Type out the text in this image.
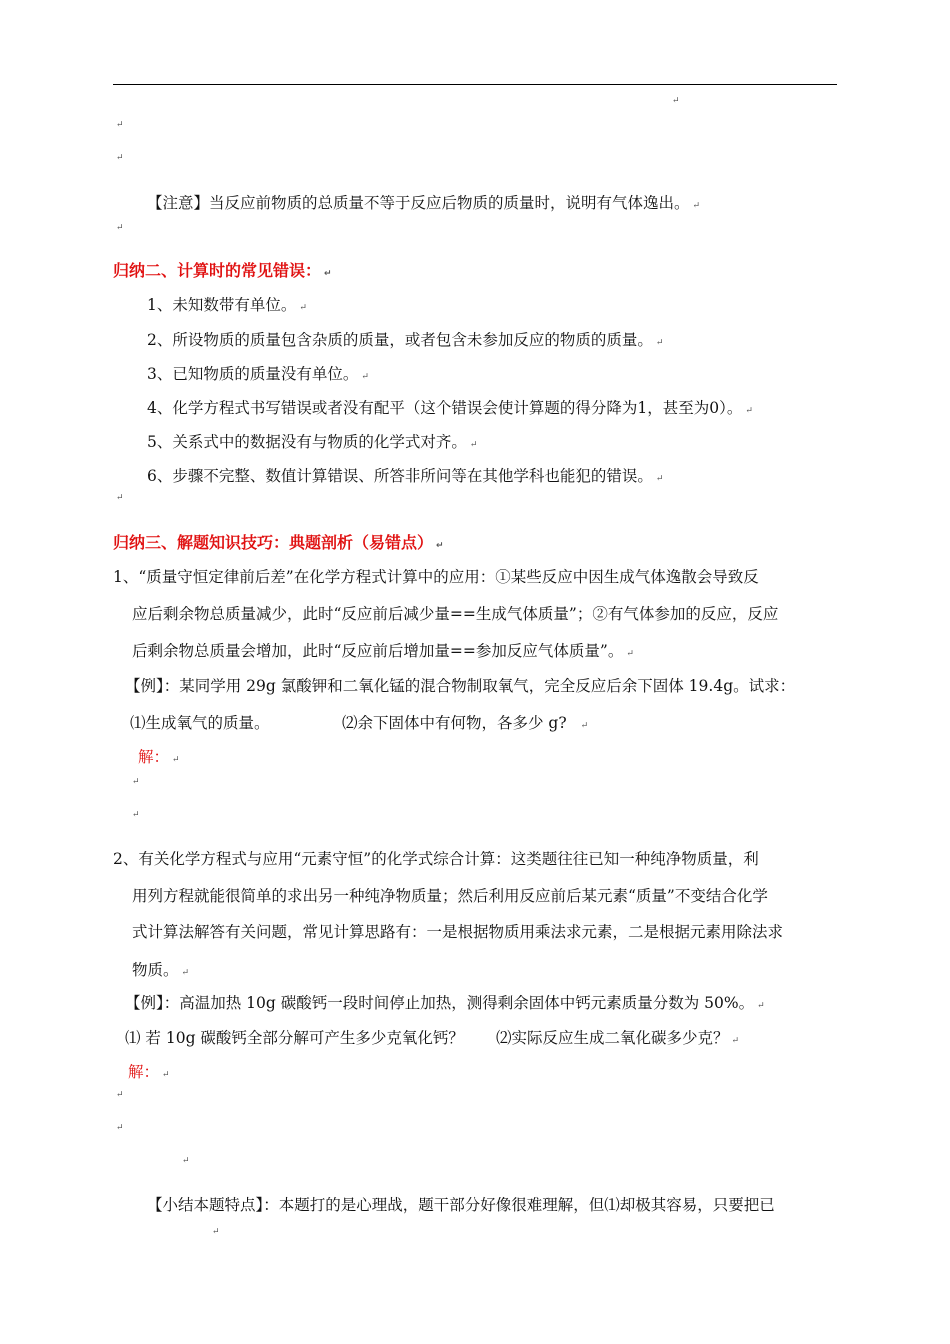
↵
↵
↵
【注意】当反应前物质的总质量不等于反应后物质的质量时，说明有气体逸出。 ↵
↵
归纳二、计算时的常见错误： ↵
1、未知数带有单位。 ↵
2、所设物质的质量包含杂质的质量，或者包含未参加反应的物质的质量。 ↵
3、已知物质的质量没有单位。 ↵
4、化学方程式书写错误或者没有配平（这个错误会使计算题的得分降为1，甚至为0）。 ↵
5、关系式中的数据没有与物质的化学式对齐。 ↵
6、步骤不完整、数值计算错误、所答非所问等在其他学科也能犯的错误。 ↵
↵
归纳三、解题知识技巧：典题剖析（易错点） ↵
1、“质量守恒定律前后差”在化学方程式计算中的应用：①某些反应中因生成气体逸散会导致反
应后剩余物总质量减少，此时“反应前后减少量==生成气体质量”；②有气体参加的反应，反应
后剩余物总质量会增加，此时“反应前后增加量==参加反应气体质量”。 ↵
【例】：某同学用 29g 氯酸钾和二氧化锰的混合物制取氧气，完全反应后余下固体 19.4g。试求：
⑴生成氧气的质量。	⑵余下固体中有何物，各多少 g? ↵
解： ↵
↵
↵
2、有关化学方程式与应用“元素守恒”的化学式综合计算：这类题往往已知一种纯净物质量，利
用列方程就能很简单的求出另一种纯净物质量；然后利用反应前后某元素“质量”不变结合化学
式计算法解答有关问题，常见计算思路有：一是根据物质用乘法求元素，二是根据元素用除法求
物质。 ↵
【例】：高温加热 10g 碳酸钙一段时间停止加热，测得剩余固体中钙元素质量分数为 50%。 ↵
⑴ 若 10g 碳酸钙全部分解可产生多少克氧化钙？ ⑵实际反应生成二氧化碳多少克？ ↵
解： ↵
↵
↵
↵
【小结本题特点】：本题打的是心理战，题干部分好像很难理解，但⑴却极其容易，只要把已
↵
